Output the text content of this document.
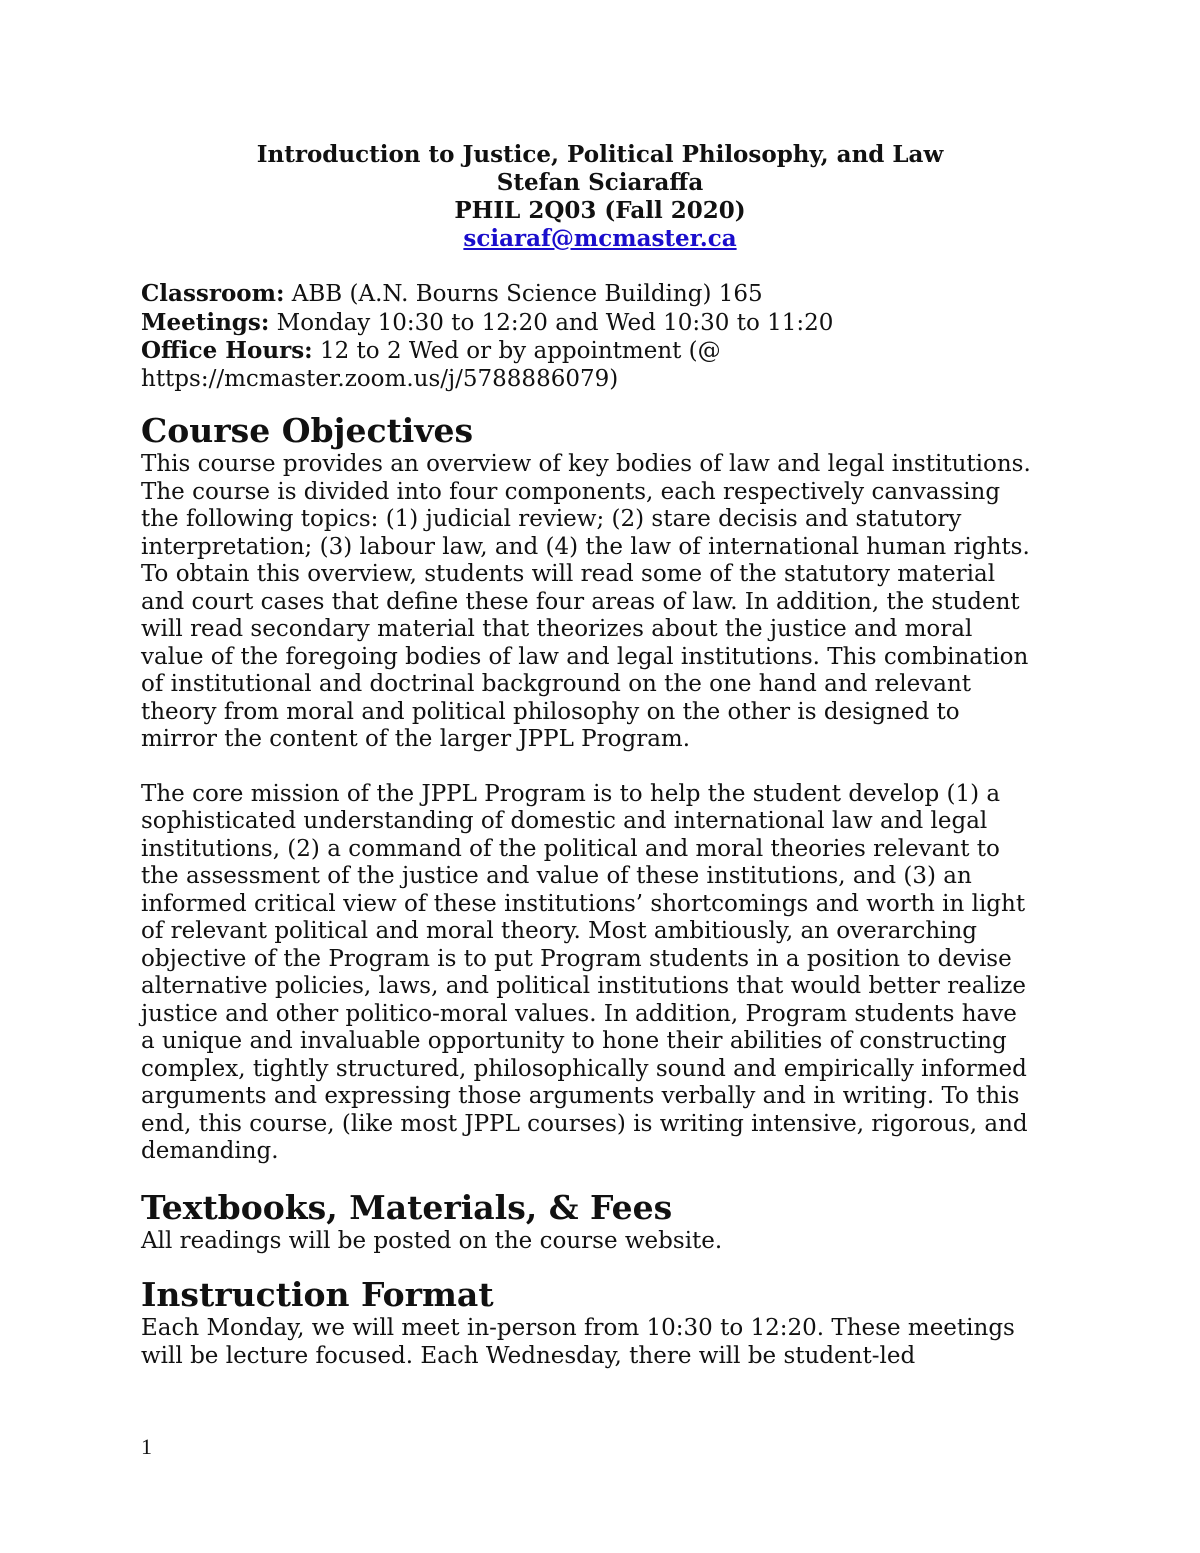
Introduction to Justice, Political Philosophy, and Law
Stefan Sciaraffa
PHIL 2Q03 (Fall 2020)
sciaraf@mcmaster.ca
Classroom: ABB (A.N. Bourns Science Building) 165
Meetings: Monday 10:30 to 12:20 and Wed 10:30 to 11:20
Office Hours: 12 to 2 Wed or by appointment (@
https://mcmaster.zoom.us/j/5788886079)
Course Objectives
This course provides an overview of key bodies of law and legal institutions.
The course is divided into four components, each respectively canvassing
the following topics: (1) judicial review; (2) stare decisis and statutory
interpretation; (3) labour law, and (4) the law of international human rights.
To obtain this overview, students will read some of the statutory material
and court cases that define these four areas of law. In addition, the student
will read secondary material that theorizes about the justice and moral
value of the foregoing bodies of law and legal institutions. This combination
of institutional and doctrinal background on the one hand and relevant
theory from moral and political philosophy on the other is designed to
mirror the content of the larger JPPL Program.
The core mission of the JPPL Program is to help the student develop (1) a
sophisticated understanding of domestic and international law and legal
institutions, (2) a command of the political and moral theories relevant to
the assessment of the justice and value of these institutions, and (3) an
informed critical view of these institutions’ shortcomings and worth in light
of relevant political and moral theory. Most ambitiously, an overarching
objective of the Program is to put Program students in a position to devise
alternative policies, laws, and political institutions that would better realize
justice and other politico-moral values. In addition, Program students have
a unique and invaluable opportunity to hone their abilities of constructing
complex, tightly structured, philosophically sound and empirically informed
arguments and expressing those arguments verbally and in writing. To this
end, this course, (like most JPPL courses) is writing intensive, rigorous, and
demanding.
Textbooks, Materials, & Fees
All readings will be posted on the course website.
Instruction Format
Each Monday, we will meet in-person from 10:30 to 12:20. These meetings
will be lecture focused. Each Wednesday, there will be student-led
1
